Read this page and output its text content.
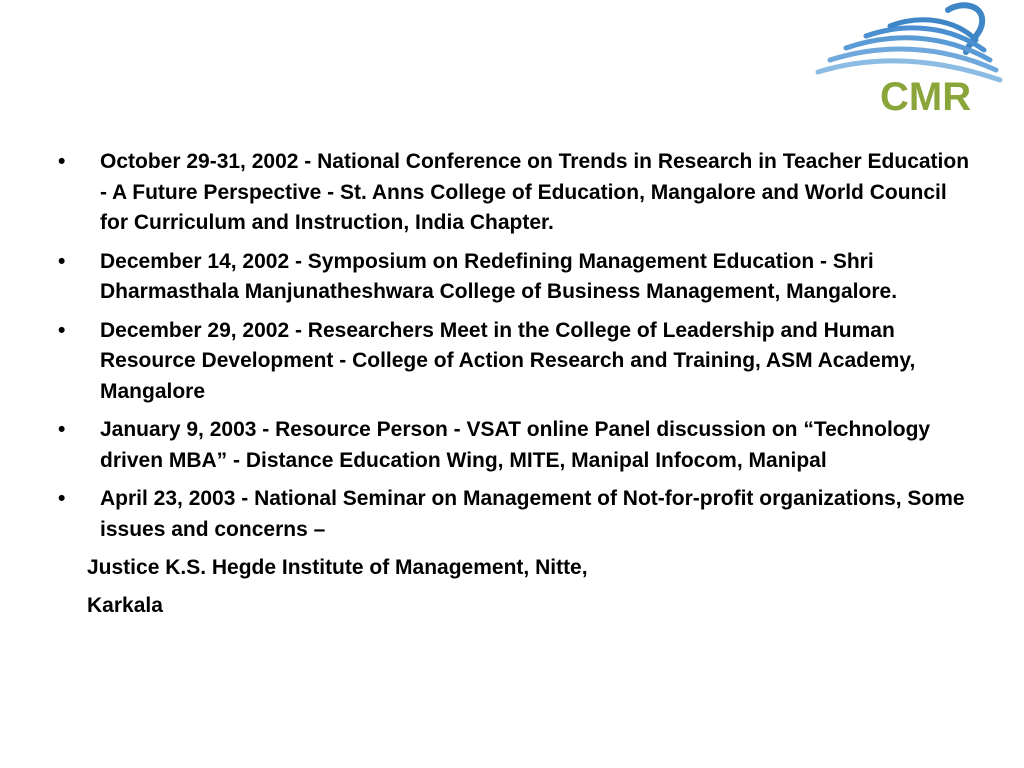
CMR
• October 29-31, 2002 - National Conference on Trends in Research in Teacher Education - A Future Perspective - St. Anns College of Education, Mangalore and World Council for Curriculum and Instruction, India Chapter.
• December 14, 2002 - Symposium on Redefining Management Education - Shri Dharmasthala Manjunatheshwara College of Business Management, Mangalore.
• December 29, 2002 - Researchers Meet in the College of Leadership and Human Resource Development - College of Action Research and Training, ASM Academy, Mangalore
• January 9, 2003 - Resource Person - VSAT online Panel discussion on “Technology driven MBA” - Distance Education Wing, MITE, Manipal Infocom, Manipal
• April 23, 2003 - National Seminar on Management of Not-for-profit organizations, Some issues and concerns –
Justice K.S. Hegde Institute of Management, Nitte,
Karkala
